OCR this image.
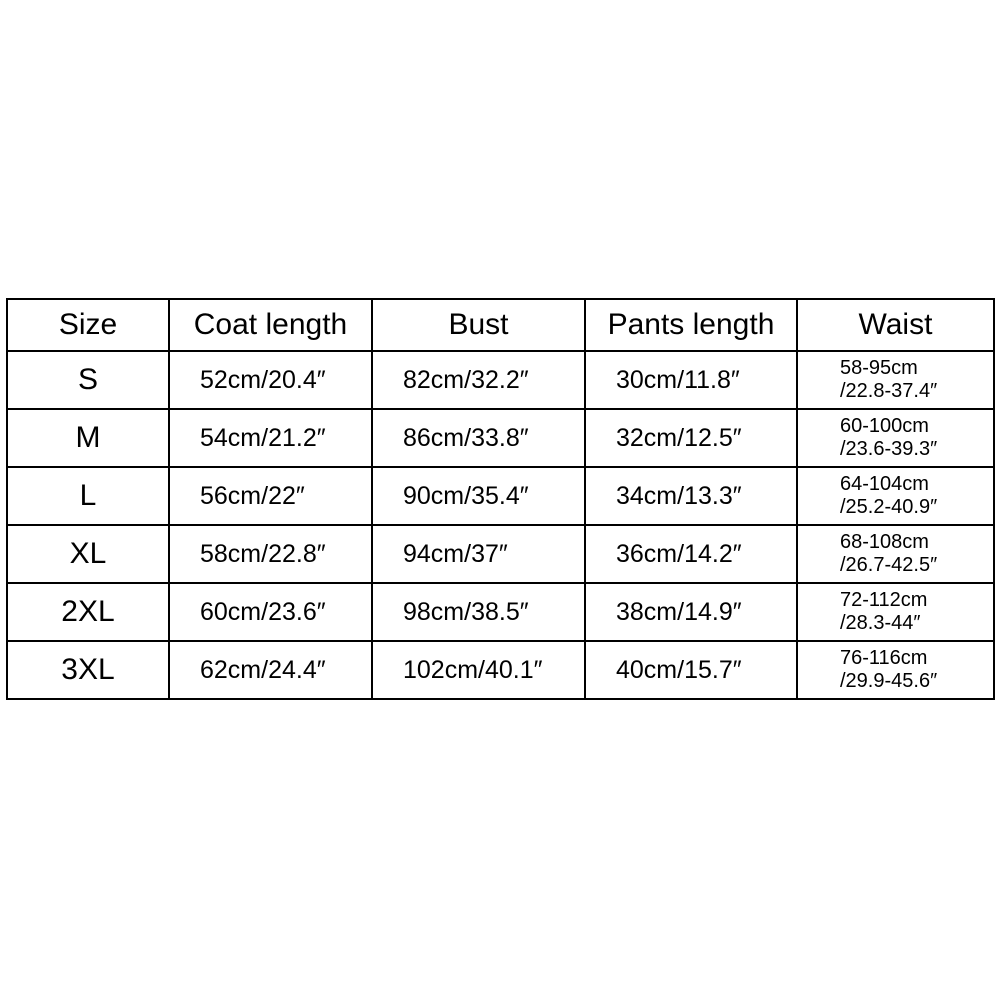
Size	Coat length	Bust	Pants length	Waist
S	52cm/20.4″	82cm/32.2″	30cm/11.8″	58-95cm
/22.8-37.4″

M	54cm/21.2″	86cm/33.8″	32cm/12.5″	60-100cm
/23.6-39.3″

L	56cm/22″	90cm/35.4″	34cm/13.3″	64-104cm
/25.2-40.9″

XL	58cm/22.8″	94cm/37″	36cm/14.2″	68-108cm
/26.7-42.5″

2XL	60cm/23.6″	98cm/38.5″	38cm/14.9″	72-112cm
/28.3-44″

3XL	62cm/24.4″	102cm/40.1″	40cm/15.7″	76-116cm
/29.9-45.6″
